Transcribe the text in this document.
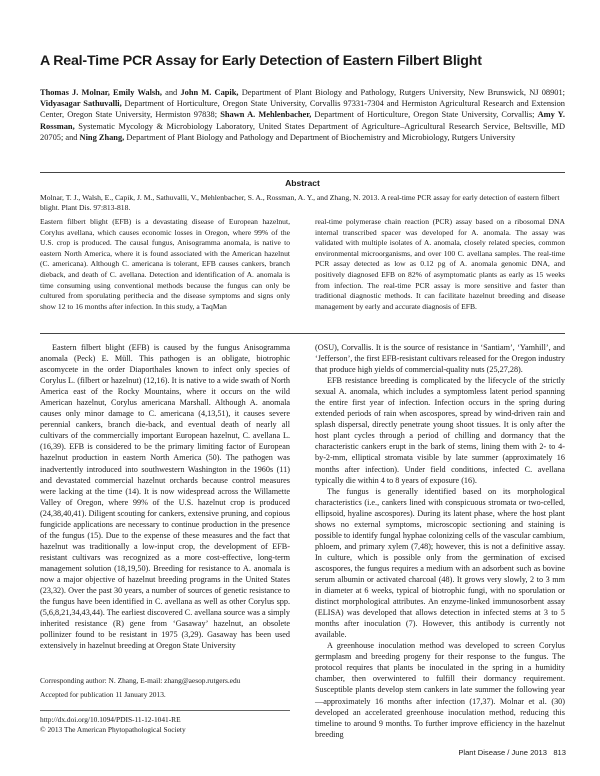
A Real-Time PCR Assay for Early Detection of Eastern Filbert Blight
Thomas J. Molnar, Emily Walsh, and John M. Capik, Department of Plant Biology and Pathology, Rutgers University, New Brunswick, NJ 08901; Vidyasagar Sathuvalli, Department of Horticulture, Oregon State University, Corvallis 97331-7304 and Hermiston Agricultural Research and Extension Center, Oregon State University, Hermiston 97838; Shawn A. Mehlenbacher, Department of Horticulture, Oregon State University, Corvallis; Amy Y. Rossman, Systematic Mycology & Microbiology Laboratory, United States Department of Agriculture–Agricultural Research Service, Beltsville, MD 20705; and Ning Zhang, Department of Plant Biology and Pathology and Department of Biochemistry and Microbiology, Rutgers University
Abstract
Molnar, T. J., Walsh, E., Capik, J. M., Sathuvalli, V., Mehlenbacher, S. A., Rossman, A. Y., and Zhang, N. 2013. A real-time PCR assay for early detection of eastern filbert blight. Plant Dis. 97:813-818.
Eastern filbert blight (EFB) is a devastating disease of European hazelnut, Corylus avellana, which causes economic losses in Oregon, where 99% of the U.S. crop is produced. The causal fungus, Anisogramma anomala, is native to eastern North America, where it is found associated with the American hazelnut (C. americana). Although C. americana is tolerant, EFB causes cankers, branch dieback, and death of C. avellana. Detection and identification of A. anomala is time consuming using conventional methods because the fungus can only be cultured from sporulating perithecia and the disease symptoms and signs only show 12 to 16 months after infection. In this study, a TaqMan
real-time polymerase chain reaction (PCR) assay based on a ribosomal DNA internal transcribed spacer was developed for A. anomala. The assay was validated with multiple isolates of A. anomala, closely related species, common environmental microorganisms, and over 100 C. avellana samples. The real-time PCR assay detected as low as 0.12 pg of A. anomala genomic DNA, and positively diagnosed EFB on 82% of asymptomatic plants as early as 15 weeks from infection. The real-time PCR assay is more sensitive and faster than traditional diagnostic methods. It can facilitate hazelnut breeding and disease management by early and accurate diagnosis of EFB.

Eastern filbert blight (EFB) is caused by the fungus Anisogramma anomala (Peck) E. Müll. This pathogen is an obligate, biotrophic ascomycete in the order Diaporthales known to infect only species of Corylus L. (filbert or hazelnut) (12,16). It is native to a wide swath of North America east of the Rocky Mountains, where it occurs on the wild American hazelnut, Corylus americana Marshall. Although A. anomala causes only minor damage to C. americana (4,13,51), it causes severe perennial cankers, branch die-back, and eventual death of nearly all cultivars of the commercially important European hazelnut, C. avellana L. (16,39). EFB is considered to be the primary limiting factor of European hazelnut production in eastern North America (50). The pathogen was inadvertently introduced into southwestern Washington in the 1960s (11) and devastated commercial hazelnut orchards because control measures were lacking at the time (14). It is now widespread across the Willamette Valley of Oregon, where 99% of the U.S. hazelnut crop is produced (24,38,40,41). Diligent scouting for cankers, extensive pruning, and copious fungicide applications are necessary to continue production in the presence of the fungus (15). Due to the expense of these measures and the fact that hazelnut was traditionally a low-input crop, the development of EFB-resistant cultivars was recognized as a more cost-effective, long-term management solution (18,19,50). Breeding for resistance to A. anomala is now a major objective of hazelnut breeding programs in the United States (23,32). Over the past 30 years, a number of sources of genetic resistance to the fungus have been identified in C. avellana as well as other Corylus spp. (5,6,8,21,34,43,44). The earliest discovered C. avellana source was a simply inherited resistance (R) gene from ‘Gasaway’ hazelnut, an obsolete pollinizer found to be resistant in 1975 (3,29). Gasaway has been used extensively in hazelnut breeding at Oregon State University

(OSU), Corvallis. It is the source of resistance in ‘Santiam’, ‘Yamhill’, and ‘Jefferson’, the first EFB-resistant cultivars released for the Oregon industry that produce high yields of commercial-quality nuts (25,27,28).

EFB resistance breeding is complicated by the lifecycle of the strictly sexual A. anomala, which includes a symptomless latent period spanning the entire first year of infection. Infection occurs in the spring during extended periods of rain when ascospores, spread by wind-driven rain and splash dispersal, directly penetrate young shoot tissues. It is only after the host plant cycles through a period of chilling and dormancy that the characteristic cankers erupt in the bark of stems, lining them with 2- to 4-by-2-mm, elliptical stromata visible by late summer (approximately 16 months after infection). Under field conditions, infected C. avellana typically die within 4 to 8 years of exposure (16).

The fungus is generally identified based on its morphological characteristics (i.e., cankers lined with conspicuous stromata or two-celled, ellipsoid, hyaline ascospores). During its latent phase, where the host plant shows no external symptoms, microscopic sectioning and staining is possible to identify fungal hyphae colonizing cells of the vascular cambium, phloem, and primary xylem (7,48); however, this is not a definitive assay. In culture, which is possible only from the germination of excised ascospores, the fungus requires a medium with an adsorbent such as bovine serum albumin or activated charcoal (48). It grows very slowly, 2 to 3 mm in diameter at 6 weeks, typical of biotrophic fungi, with no sporulation or distinct morphological attributes. An enzyme-linked immunosorbent assay (ELISA) was developed that allows detection in infected stems at 3 to 5 months after inoculation (7). However, this antibody is currently not available.

A greenhouse inoculation method was developed to screen Corylus germplasm and breeding progeny for their response to the fungus. The protocol requires that plants be inoculated in the spring in a humidity chamber, then overwintered to fulfill their dormancy requirement. Susceptible plants develop stem cankers in late summer the following year—approximately 16 months after infection (17,37). Molnar et al. (30) developed an accelerated greenhouse inoculation method, reducing this timeline to around 9 months. To further improve efficiency in the hazelnut breeding

Corresponding author: N. Zhang, E-mail: zhang@aesop.rutgers.edu
Accepted for publication 11 January 2013.
http://dx.doi.org/10.1094/PDIS-11-12-1041-RE
© 2013 The American Phytopathological Society
Plant Disease / June 2013 813
